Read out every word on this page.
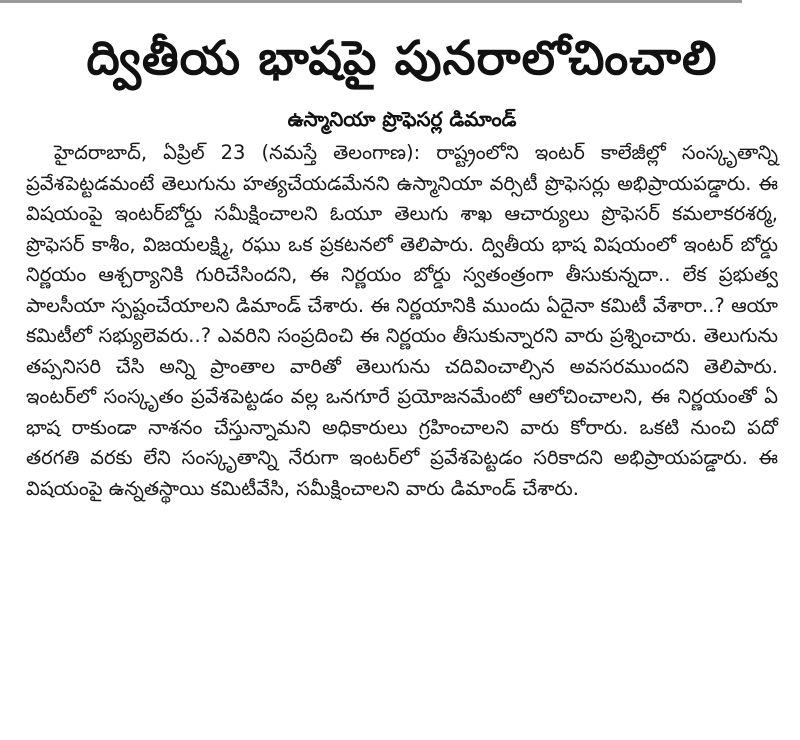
ద్వితీయ భాషపై పునరాలోచించాలి
ఉస్మానియా ప్రొఫెసర్ల డిమాండ్

హైదరాబాద్, ఏప్రిల్ 23 (నమస్తే తెలంగాణ): రాష్ట్రంలోని ఇంటర్ కాలేజీల్లో సంస్కృతాన్ని ప్రవేశపెట్టడమంటే తెలుగును హత్యచేయడమేనని ఉస్మానియా వర్సిటీ ప్రొఫెసర్లు అభిప్రాయపడ్డారు. ఈ విషయంపై ఇంటర్‌బోర్డు సమీక్షించాలని ఓయూ తెలుగు శాఖ ఆచార్యులు ప్రొఫెసర్ కమలాకరశర్మ, ప్రొఫెసర్ కాశీం, విజయలక్ష్మి, రఘు ఒక ప్రకటనలో తెలిపారు. ద్వితీయ భాష విషయంలో ఇంటర్ బోర్డు నిర్ణయం ఆశ్చర్యానికి గురిచేసిందని, ఈ నిర్ణయం బోర్డు స్వతంత్రంగా తీసుకున్నదా.. లేక ప్రభుత్వ పాలసీయా స్పష్టంచేయాలని డిమాండ్ చేశారు. ఈ నిర్ణయానికి ముందు ఏదైనా కమిటీ వేశారా..? ఆయా కమిటీలో సభ్యులెవరు..? ఎవరిని సంప్రదించి ఈ నిర్ణయం తీసుకున్నారని వారు ప్రశ్నించారు. తెలుగును తప్పనిసరి చేసి అన్ని ప్రాంతాల వారితో తెలుగును చదివించాల్సిన అవసరముందని తెలిపారు. ఇంటర్‌లో సంస్కృతం ప్రవేశపెట్టడం వల్ల ఒనగూరే ప్రయోజనమేంటో ఆలోచించాలని, ఈ నిర్ణయంతో ఏ భాష రాకుండా నాశనం చేస్తున్నామని అధికారులు గ్రహించాలని వారు కోరారు. ఒకటి నుంచి పదో తరగతి వరకు లేని సంస్కృతాన్ని నేరుగా ఇంటర్‌లో ప్రవేశపెట్టడం సరికాదని అభిప్రాయపడ్డారు. ఈ విషయంపై ఉన్నతస్థాయి కమిటీవేసి, సమీక్షించాలని వారు డిమాండ్ చేశారు.
